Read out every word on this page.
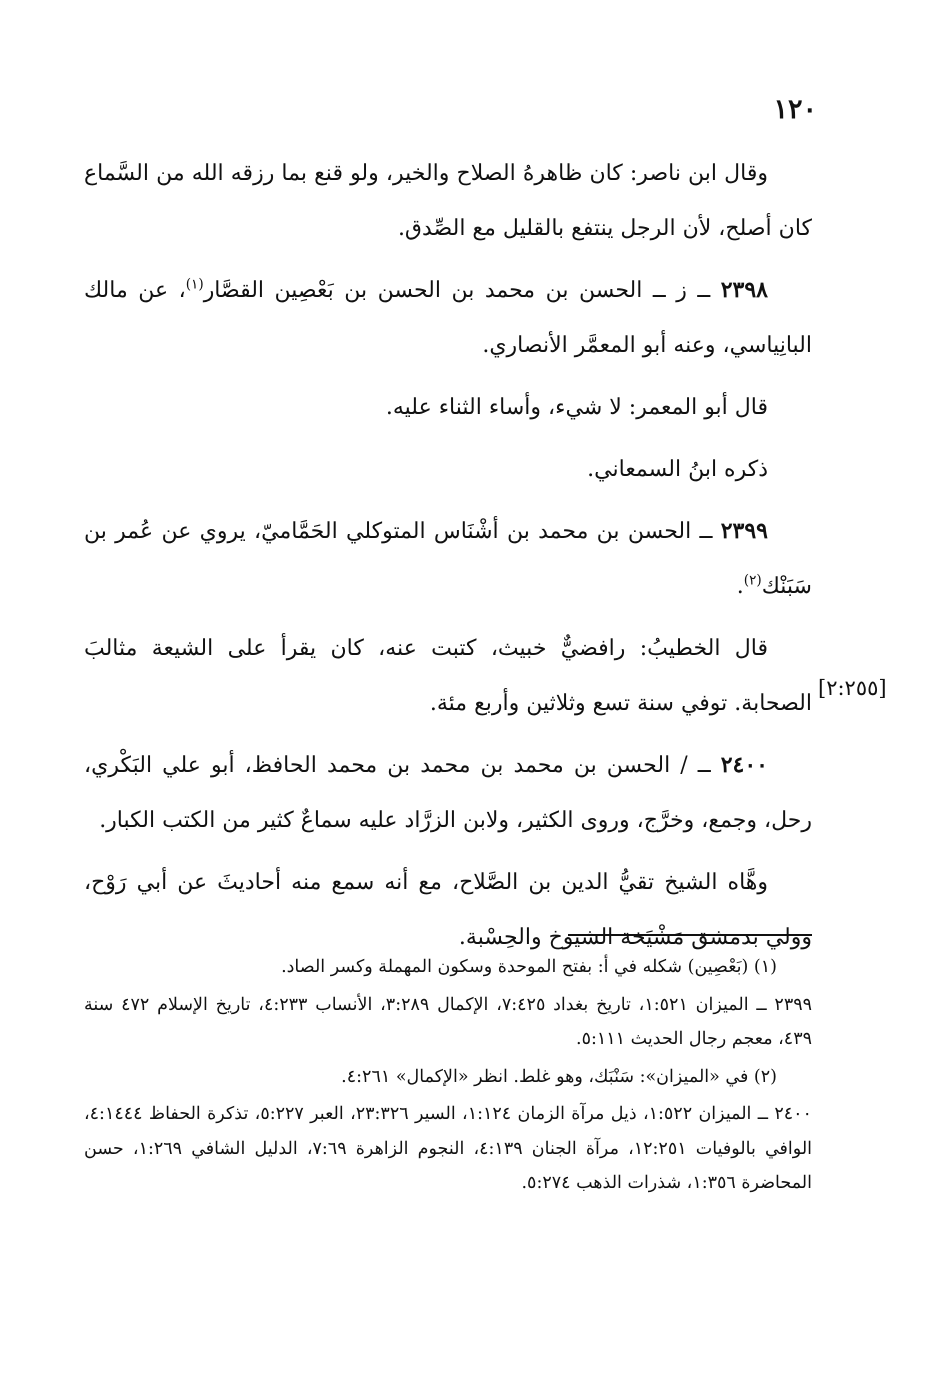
١٢٠
[٢:٢٥٥]

وقال ابن ناصر: كان ظاهرهُ الصلاح والخير، ولو قنع بما رزقه الله من السَّماع كان أصلح، لأن الرجل ينتفع بالقليل مع الصِّدق.

٢٣٩٨ ــ ز ــ الحسن بن محمد بن الحسن بن بَعْصِين القصَّار$^{(١)}$، عن مالك البانِياسي، وعنه أبو المعمَّر الأنصاري.

قال أبو المعمر: لا شيء، وأساء الثناء عليه.

ذكره ابنُ السمعاني.

٢٣٩٩ ــ الحسن بن محمد بن أشْنَاس المتوكلي الحَمَّاميّ، يروي عن عُمر بن سَبَنْك$^{(٢)}$.

قال الخطيبُ: رافضيٌّ خبيث، كتبت عنه، كان يقرأ على الشيعة مثالبَ الصحابة. توفي سنة تسع وثلاثين وأربع مئة.

٢٤٠٠ ــ / الحسن بن محمد بن محمد بن محمد الحافظ، أبو علي البَكْري، رحل، وجمع، وخرَّج، وروى الكثير، ولابن الزرَّاد عليه سماعٌ كثير من الكتب الكبار.

وهَّاه الشيخ تقيُّ الدين بن الصَّلاح، مع أنه سمع منه أحاديثَ عن أبي رَوْح، وولي بدمشق مَشْيَخة الشيوخ والحِسْبة.

(١) (بَعْصِين) شكله في أ: بفتح الموحدة وسكون المهملة وكسر الصاد.

٢٣٩٩ ــ الميزان ١:٥٢١، تاريخ بغداد ٧:٤٢٥، الإكمال ٣:٢٨٩، الأنساب ٤:٢٣٣، تاريخ الإسلام ٤٧٢ سنة ٤٣٩، معجم رجال الحديث ٥:١١١.

(٢) في «الميزان»: سَنْبَك، وهو غلط. انظر «الإكمال» ٤:٢٦١.

٢٤٠٠ ــ الميزان ١:٥٢٢، ذيل مرآة الزمان ١:١٢٤، السير ٢٣:٣٢٦، العبر ٥:٢٢٧، تذكرة الحفاظ ٤:١٤٤٤، الوافي بالوفيات ١٢:٢٥١، مرآة الجنان ٤:١٣٩، النجوم الزاهرة ٧:٦٩، الدليل الشافي ١:٢٦٩، حسن المحاضرة ١:٣٥٦، شذرات الذهب ٥:٢٧٤.
